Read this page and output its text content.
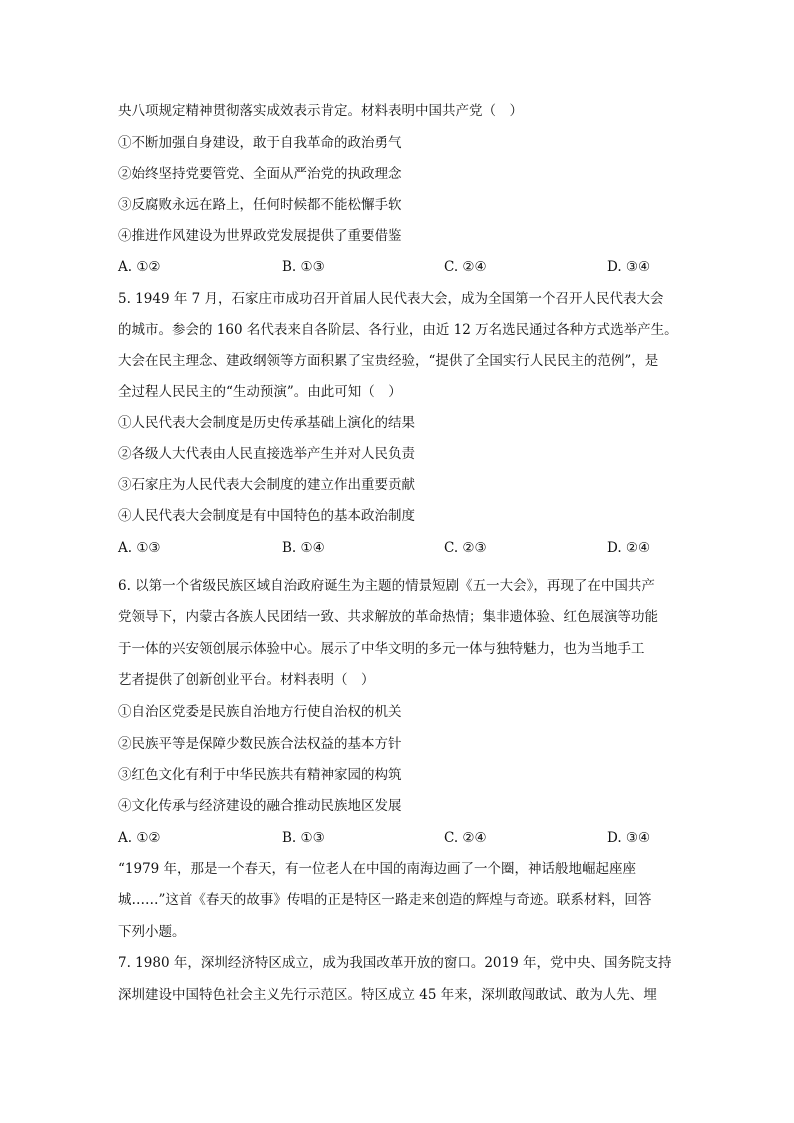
央八项规定精神贯彻落实成效表示肯定。材料表明中国共产党（　）
①不断加强自身建设，敢于自我革命的政治勇气
②始终坚持党要管党、全面从严治党的执政理念
③反腐败永远在路上，任何时候都不能松懈手软
④推进作风建设为世界政党发展提供了重要借鉴
A. ①②	B. ①③	C. ②④	D. ③④
5. 1949 年 7 月，石家庄市成功召开首届人民代表大会，成为全国第一个召开人民代表大会
的城市。参会的 160 名代表来自各阶层、各行业，由近 12 万名选民通过各种方式选举产生。
大会在民主理念、建政纲领等方面积累了宝贵经验，“提供了全国实行人民民主的范例”，是
全过程人民民主的“生动预演”。由此可知（　）
①人民代表大会制度是历史传承基础上演化的结果
②各级人大代表由人民直接选举产生并对人民负责
③石家庄为人民代表大会制度的建立作出重要贡献
④人民代表大会制度是有中国特色的基本政治制度
A. ①③	B. ①④	C. ②③	D. ②④
6. 以第一个省级民族区域自治政府诞生为主题的情景短剧《五一大会》，再现了在中国共产
党领导下，内蒙古各族人民团结一致、共求解放的革命热情；集非遗体验、红色展演等功能
于一体的兴安领创展示体验中心。展示了中华文明的多元一体与独特魅力，也为当地手工
艺者提供了创新创业平台。材料表明（　）
①自治区党委是民族自治地方行使自治权的机关
②民族平等是保障少数民族合法权益的基本方针
③红色文化有利于中华民族共有精神家园的构筑
④文化传承与经济建设的融合推动民族地区发展
A. ①②	B. ①③	C. ②④	D. ③④
“1979 年，那是一个春天，有一位老人在中国的南海边画了一个圈，神话般地崛起座座
城……”这首《春天的故事》传唱的正是特区一路走来创造的辉煌与奇迹。联系材料，回答
下列小题。
7. 1980 年，深圳经济特区成立，成为我国改革开放的窗口。2019 年，党中央、国务院支持
深圳建设中国特色社会主义先行示范区。特区成立 45 年来，深圳敢闯敢试、敢为人先、埋
